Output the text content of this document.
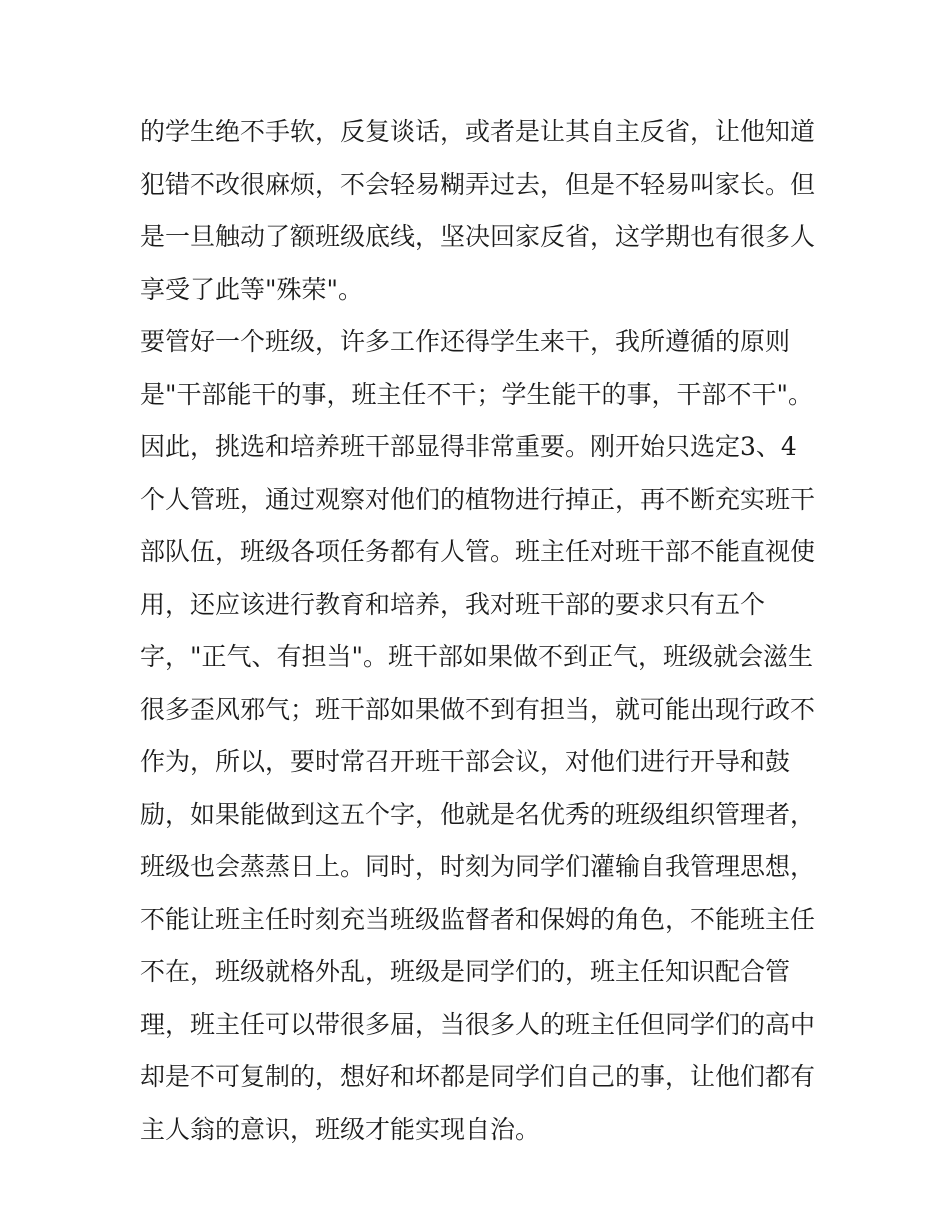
的学生绝不手软，反复谈话，或者是让其自主反省，让他知道
犯错不改很麻烦，不会轻易糊弄过去，但是不轻易叫家长。但
是一旦触动了额班级底线，坚决回家反省，这学期也有很多人
享受了此等"殊荣"。
要管好一个班级，许多工作还得学生来干，我所遵循的原则
是"干部能干的事，班主任不干；学生能干的事，干部不干"。
因此，挑选和培养班干部显得非常重要。刚开始只选定3、4
个人管班，通过观察对他们的植物进行掉正，再不断充实班干
部队伍，班级各项任务都有人管。班主任对班干部不能直视使
用，还应该进行教育和培养，我对班干部的要求只有五个
字，"正气、有担当"。班干部如果做不到正气，班级就会滋生
很多歪风邪气；班干部如果做不到有担当，就可能出现行政不
作为，所以，要时常召开班干部会议，对他们进行开导和鼓
励，如果能做到这五个字，他就是名优秀的班级组织管理者，
班级也会蒸蒸日上。同时，时刻为同学们灌输自我管理思想，
不能让班主任时刻充当班级监督者和保姆的角色，不能班主任
不在，班级就格外乱，班级是同学们的，班主任知识配合管
理，班主任可以带很多届，当很多人的班主任但同学们的高中
却是不可复制的，想好和坏都是同学们自己的事，让他们都有
主人翁的意识，班级才能实现自治。
